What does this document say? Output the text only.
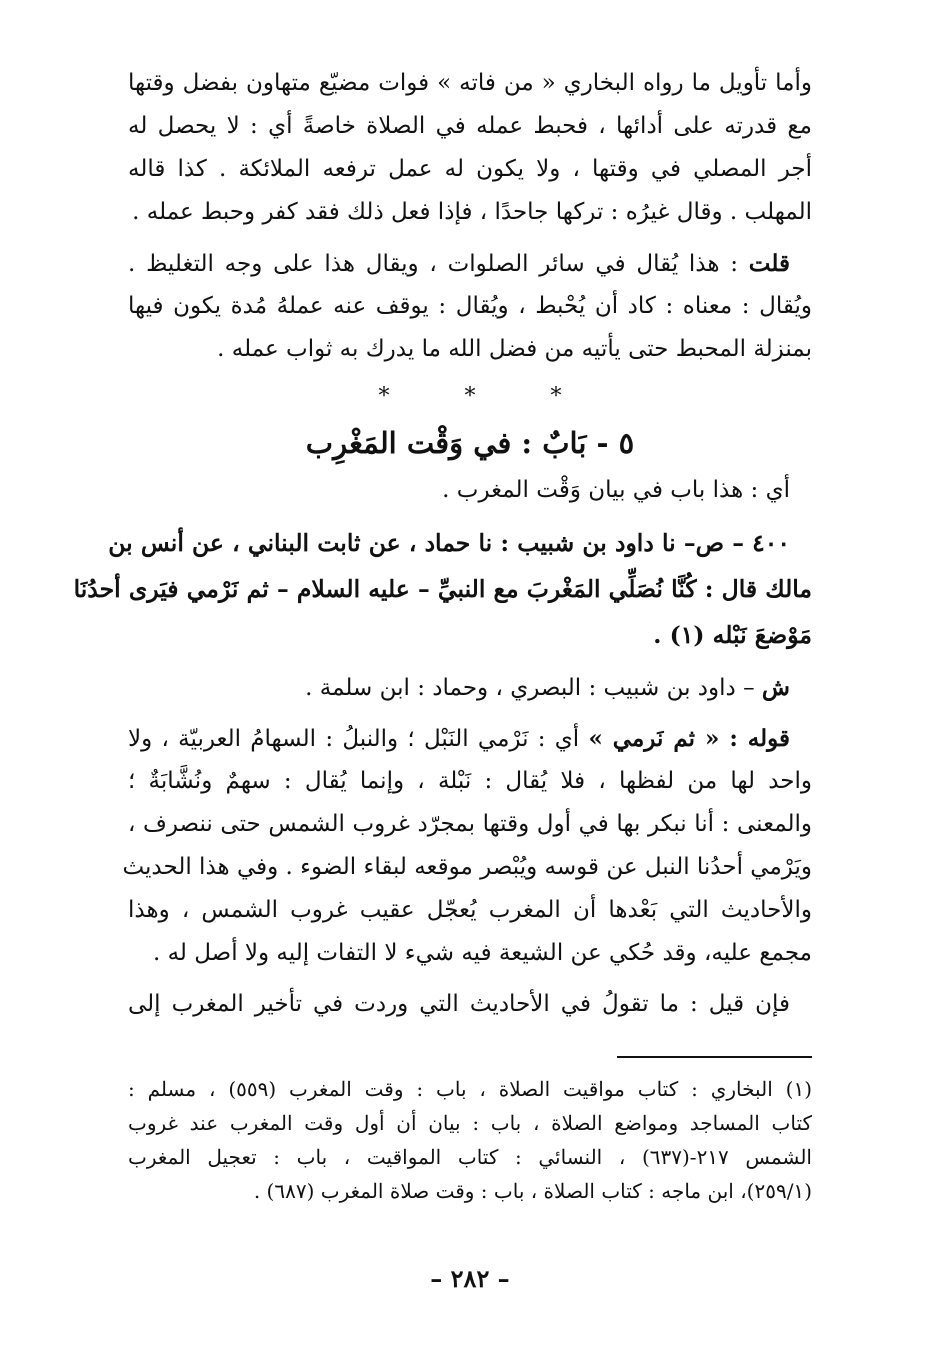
وأما تأويل ما رواه البخاري « من فاته » فوات مضيّع متهاون بفضل وقتها
مع قدرته على أدائها ، فحبط عمله في الصلاة خاصةً أي : لا يحصل له
أجر المصلي في وقتها ، ولا يكون له عمل ترفعه الملائكة . كذا قاله
المهلب . وقال غيرُه : تركها جاحدًا ، فإذا فعل ذلك فقد كفر وحبط عمله .
قلت : هذا يُقال في سائر الصلوات ، ويقال هذا على وجه التغليظ .
ويُقال : معناه : كاد أن يُحْبط ، ويُقال : يوقف عنه عملهُ مُدة يكون فيها
بمنزلة المحبط حتى يأتيه من فضل الله ما يدرك به ثواب عمله .
* * *
٥ - بَابٌ : في وَقْت المَغْرِب
أي : هذا باب في بيان وَقْت المغرب .
٤٠٠ – ص– نا داود بن شبيب : نا حماد ، عن ثابت البناني ، عن أنس بن
مالك قال : كُنَّا نُصَلِّي المَغْربَ مع النبيِّ – عليه السلام – ثم نَرْمي فيَرى أحدُنَا
مَوْضعَ نَبْله (١) .
ش – داود بن شبيب : البصري ، وحماد : ابن سلمة .
قوله : « ثم نَرمي » أي : نَرْمي النَبْل ؛ والنبلُ : السهامُ العربيّة ، ولا
واحد لها من لفظها ، فلا يُقال : نَبْلة ، وإنما يُقال : سهمٌ ونُشَّابَةٌ ؛
والمعنى : أنا نبكر بها في أول وقتها بمجرّد غروب الشمس حتى ننصرف ،
ويَرْمي أحدُنا النبل عن قوسه ويُبْصر موقعه لبقاء الضوء . وفي هذا الحديث
والأحاديث التي بَعْدها أن المغرب يُعجّل عقيب غروب الشمس ، وهذا
مجمع عليه، وقد حُكي عن الشيعة فيه شيء لا التفات إليه ولا أصل له .
فإن قيل : ما تقولُ في الأحاديث التي وردت في تأخير المغرب إلى
(١) البخاري : كتاب مواقيت الصلاة ، باب : وقت المغرب (٥٥٩) ، مسلم :
كتاب المساجد ومواضع الصلاة ، باب : بيان أن أول وقت المغرب عند غروب
الشمس ٢١٧-(٦٣٧) ، النسائي : كتاب المواقيت ، باب : تعجيل المغرب
(٢٥٩/١)، ابن ماجه : كتاب الصلاة ، باب : وقت صلاة المغرب (٦٨٧) .
– ٢٨٢ –
